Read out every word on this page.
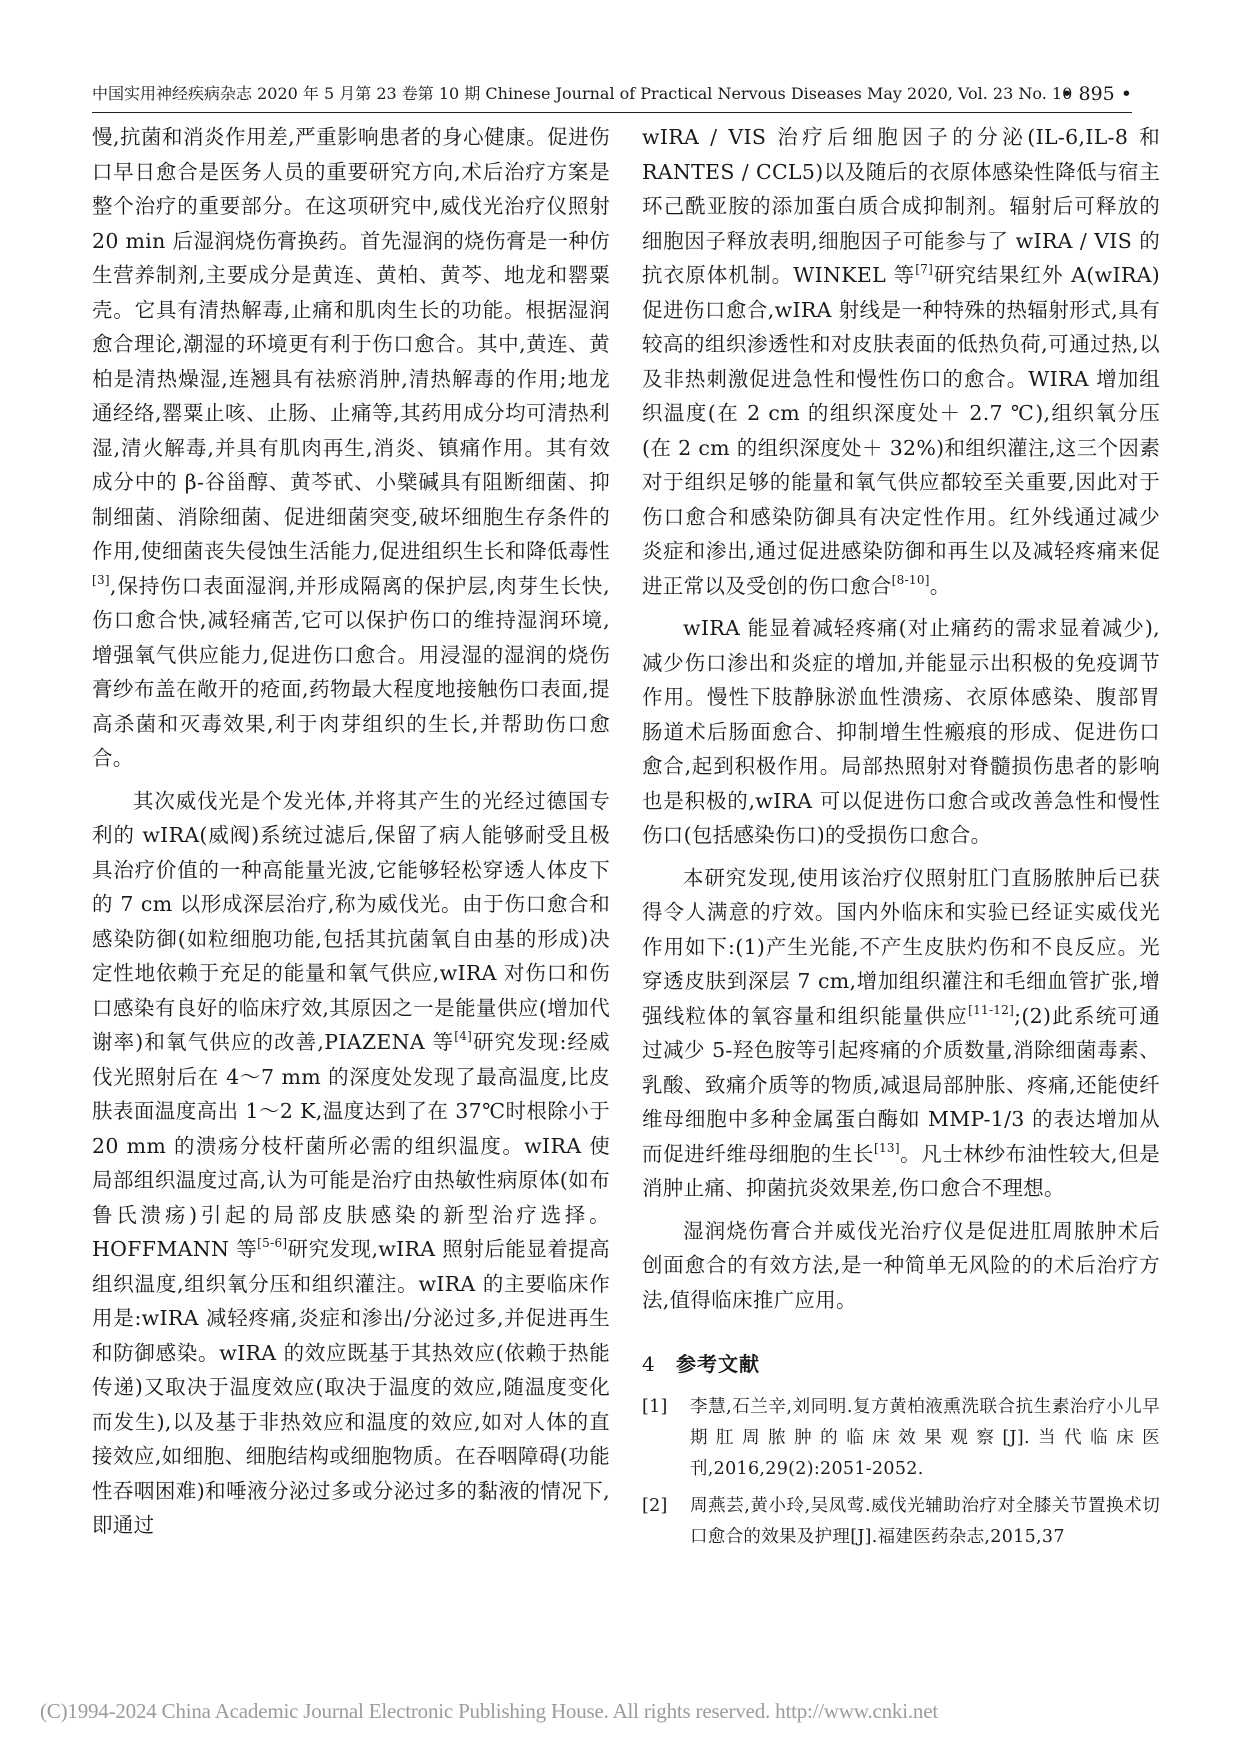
中国实用神经疾病杂志 2020 年 5 月第 23 卷第 10 期 Chinese Journal of Practical Nervous Diseases May 2020, Vol. 23 No. 10
• 895 •

慢,抗菌和消炎作用差,严重影响患者的身心健康。促进伤口早日愈合是医务人员的重要研究方向,术后治疗方案是整个治疗的重要部分。在这项研究中,威伐光治疗仪照射 20 min 后湿润烧伤膏换药。首先湿润的烧伤膏是一种仿生营养制剂,主要成分是黄连、黄柏、黄芩、地龙和罂粟壳。它具有清热解毒,止痛和肌肉生长的功能。根据湿润愈合理论,潮湿的环境更有利于伤口愈合。其中,黄连、黄柏是清热燥湿,连翘具有祛瘀消肿,清热解毒的作用;地龙通经络,罂粟止咳、止肠、止痛等,其药用成分均可清热利湿,清火解毒,并具有肌肉再生,消炎、镇痛作用。其有效成分中的 β-谷甾醇、黄芩甙、小檗碱具有阻断细菌、抑制细菌、消除细菌、促进细菌突变,破坏细胞生存条件的作用,使细菌丧失侵蚀生活能力,促进组织生长和降低毒性[3],保持伤口表面湿润,并形成隔离的保护层,肉芽生长快,伤口愈合快,减轻痛苦,它可以保护伤口的维持湿润环境,增强氧气供应能力,促进伤口愈合。用浸湿的湿润的烧伤膏纱布盖在敞开的疮面,药物最大程度地接触伤口表面,提高杀菌和灭毒效果,利于肉芽组织的生长,并帮助伤口愈合。

其次威伐光是个发光体,并将其产生的光经过德国专利的 wIRA(威阀)系统过滤后,保留了病人能够耐受且极具治疗价值的一种高能量光波,它能够轻松穿透人体皮下的 7 cm 以形成深层治疗,称为威伐光。由于伤口愈合和感染防御(如粒细胞功能,包括其抗菌氧自由基的形成)决定性地依赖于充足的能量和氧气供应,wIRA 对伤口和伤口感染有良好的临床疗效,其原因之一是能量供应(增加代谢率)和氧气供应的改善,PIAZENA 等[4]研究发现:经威伐光照射后在 4～7 mm 的深度处发现了最高温度,比皮肤表面温度高出 1～2 K,温度达到了在 37℃时根除小于 20 mm 的溃疡分枝杆菌所必需的组织温度。wIRA 使局部组织温度过高,认为可能是治疗由热敏性病原体(如布鲁氏溃疡)引起的局部皮肤感染的新型治疗选择。HOFFMANN 等[5-6]研究发现,wIRA 照射后能显着提高组织温度,组织氧分压和组织灌注。wIRA 的主要临床作用是:wIRA 减轻疼痛,炎症和渗出/分泌过多,并促进再生和防御感染。wIRA 的效应既基于其热效应(依赖于热能传递)又取决于温度效应(取决于温度的效应,随温度变化而发生),以及基于非热效应和温度的效应,如对人体的直接效应,如细胞、细胞结构或细胞物质。在吞咽障碍(功能性吞咽困难)和唾液分泌过多或分泌过多的黏液的情况下,即通过

wIRA / VIS 治疗后细胞因子的分泌(IL-6,IL-8 和 RANTES / CCL5)以及随后的衣原体感染性降低与宿主环己酰亚胺的添加蛋白质合成抑制剂。辐射后可释放的细胞因子释放表明,细胞因子可能参与了 wIRA / VIS 的抗衣原体机制。WINKEL 等[7]研究结果红外 A(wIRA)促进伤口愈合,wIRA 射线是一种特殊的热辐射形式,具有较高的组织渗透性和对皮肤表面的低热负荷,可通过热,以及非热刺激促进急性和慢性伤口的愈合。WIRA 增加组织温度(在 2 cm 的组织深度处＋ 2.7 ℃),组织氧分压(在 2 cm 的组织深度处＋ 32%)和组织灌注,这三个因素对于组织足够的能量和氧气供应都较至关重要,因此对于伤口愈合和感染防御具有决定性作用。红外线通过减少炎症和渗出,通过促进感染防御和再生以及减轻疼痛来促进正常以及受创的伤口愈合[8-10]。

wIRA 能显着减轻疼痛(对止痛药的需求显着减少),减少伤口渗出和炎症的增加,并能显示出积极的免疫调节作用。慢性下肢静脉淤血性溃疡、衣原体感染、腹部胃肠道术后肠面愈合、抑制增生性瘢痕的形成、促进伤口愈合,起到积极作用。局部热照射对脊髓损伤患者的影响也是积极的,wIRA 可以促进伤口愈合或改善急性和慢性伤口(包括感染伤口)的受损伤口愈合。

本研究发现,使用该治疗仪照射肛门直肠脓肿后已获得令人满意的疗效。国内外临床和实验已经证实威伐光作用如下:(1)产生光能,不产生皮肤灼伤和不良反应。光穿透皮肤到深层 7 cm,增加组织灌注和毛细血管扩张,增强线粒体的氧容量和组织能量供应[11-12];(2)此系统可通过减少 5-羟色胺等引起疼痛的介质数量,消除细菌毒素、乳酸、致痛介质等的物质,减退局部肿胀、疼痛,还能使纤维母细胞中多种金属蛋白酶如 MMP-1/3 的表达增加从而促进纤维母细胞的生长[13]。凡士林纱布油性较大,但是消肿止痛、抑菌抗炎效果差,伤口愈合不理想。

湿润烧伤膏合并威伐光治疗仪是促进肛周脓肿术后创面愈合的有效方法,是一种简单无风险的的术后治疗方法,值得临床推广应用。

4 参考文献

[1] 李慧,石兰辛,刘同明.复方黄柏液熏洗联合抗生素治疗小儿早期肛周脓肿的临床效果观察[J].当代临床医刊,2016,29(2):2051-2052.
[2] 周燕芸,黄小玲,吴凤莺.威伐光辅助治疗对全膝关节置换术切口愈合的效果及护理[J].福建医药杂志,2015,37
(C)1994-2024 China Academic Journal Electronic Publishing House. All rights reserved. http://www.cnki.net
